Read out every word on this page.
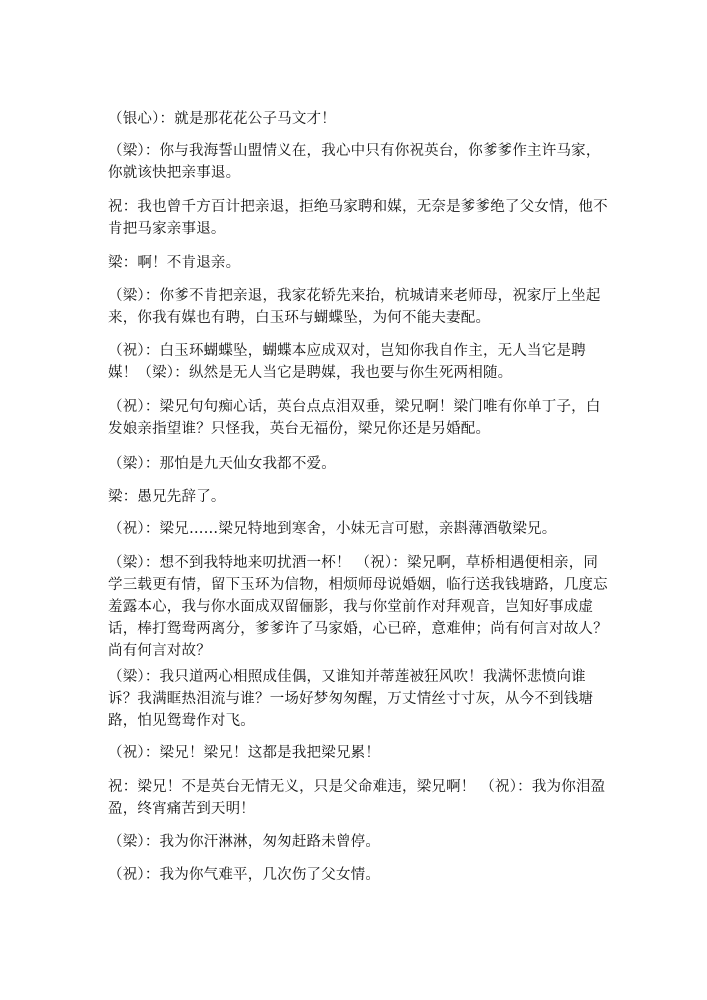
（银心）：就是那花花公子马文才！

（梁）：你与我海誓山盟情义在，我心中只有你祝英台，你爹爹作主许马家，你就该快把亲事退。

祝：我也曾千方百计把亲退，拒绝马家聘和媒，无奈是爹爹绝了父女情，他不肯把马家亲事退。

梁：啊！不肯退亲。

（梁）：你爹不肯把亲退，我家花轿先来抬，杭城请来老师母，祝家厅上坐起来，你我有媒也有聘，白玉环与蝴蝶坠，为何不能夫妻配。

（祝）：白玉环蝴蝶坠，蝴蝶本应成双对，岂知你我自作主，无人当它是聘媒！（梁）：纵然是无人当它是聘媒，我也要与你生死两相随。

（祝）：梁兄句句痴心话，英台点点泪双垂，梁兄啊！梁门唯有你单丁子，白发娘亲指望谁？只怪我，英台无福份，梁兄你还是另婚配。

（梁）：那怕是九天仙女我都不爱。

梁：愚兄先辞了。

（祝）：梁兄……梁兄特地到寒舍，小妹无言可慰，亲斟薄酒敬梁兄。

（梁）：想不到我特地来叨扰酒一杯！ （祝）：梁兄啊，草桥相遇便相亲，同学三载更有情，留下玉环为信物，相烦师母说婚姻，临行送我钱塘路，几度忘羞露本心，我与你水面成双留俪影，我与你堂前作对拜观音，岂知好事成虚话，棒打鸳鸯两离分，爹爹许了马家婚，心已碎，意难伸；尚有何言对故人？尚有何言对故？

（梁）：我只道两心相照成佳偶，又谁知并蒂莲被狂风吹！我满怀悲愤向谁诉？我满眶热泪流与谁？一场好梦匆匆醒，万丈情丝寸寸灰，从今不到钱塘路，怕见鸳鸯作对飞。

（祝）：梁兄！梁兄！这都是我把梁兄累！

祝：梁兄！不是英台无情无义，只是父命难违，梁兄啊！ （祝）：我为你泪盈盈，终宵痛苦到天明！

（梁）：我为你汗淋淋，匆匆赶路未曾停。

（祝）：我为你气难平，几次伤了父女情。
